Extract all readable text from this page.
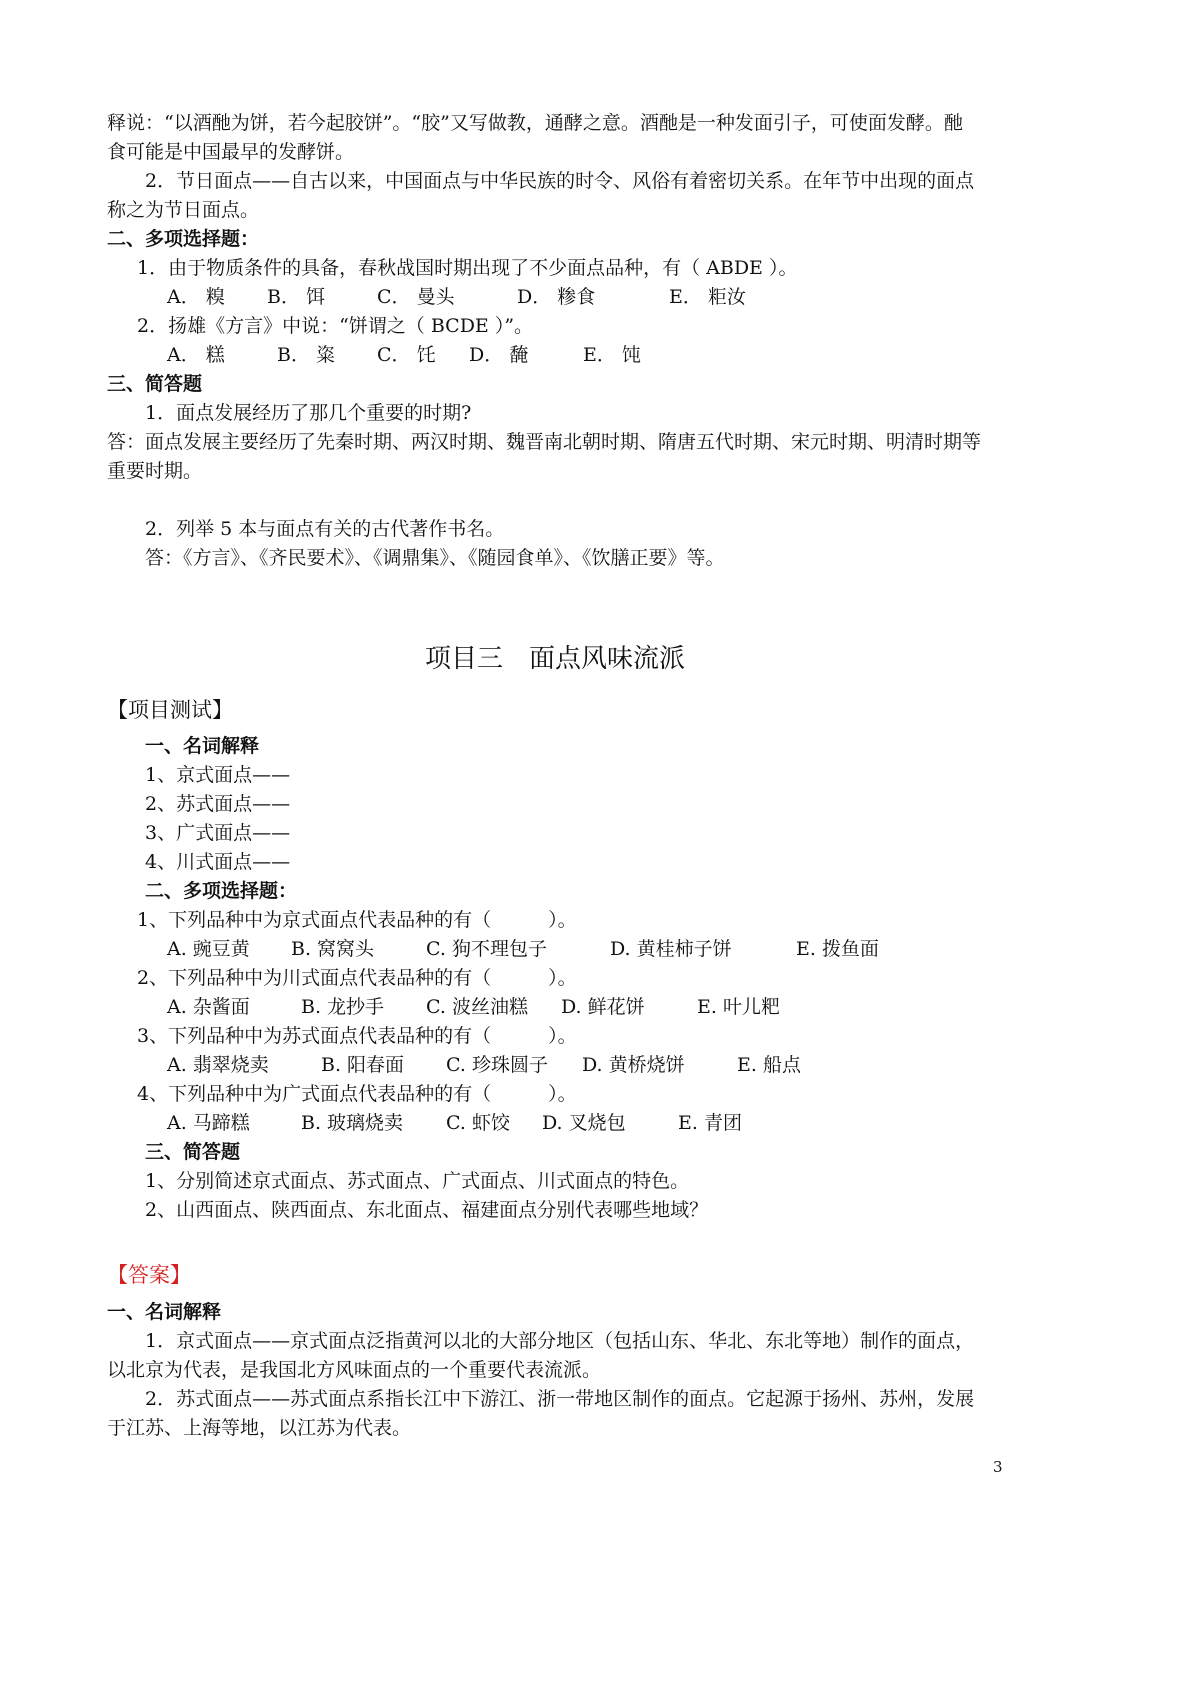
释说：“以酒酏为饼，若今起胶饼”。“胶”又写做教，通酵之意。酒酏是一种发面引子，可使面发酵。酏
食可能是中国最早的发酵饼。
2．节日面点——自古以来，中国面点与中华民族的时令、风俗有着密切关系。在年节中出现的面点
称之为节日面点。
二、多项选择题：
1．由于物质条件的具备，春秋战国时期出现了不少面点品种，有（ ABDE ）。
A． 糗 B． 饵	C． 曼头	D． 糁食	E． 粔汝
2．扬雄《方言》中说：“饼谓之（ BCDE ）”。
A． 糕	B． 粢 C． 饦 D． 馣	E． 饨
三、简答题
1．面点发展经历了那几个重要的时期?
答：面点发展主要经历了先秦时期、两汉时期、魏晋南北朝时期、隋唐五代时期、宋元时期、明清时期等
重要时期。
2．列举 5 本与面点有关的古代著作书名。
答：《方言》、《齐民要术》、《调鼎集》、《随园食单》、《饮膳正要》等。
项目三　面点风味流派
【项目测试】
一、名词解释
1、京式面点——
2、苏式面点——
3、广式面点——
4、川式面点——
二、多项选择题：
1、下列品种中为京式面点代表品种的有（　　　）。
A. 豌豆黄 B. 窝窝头	C. 狗不理包子	D. 黄桂柿子饼	E. 拨鱼面
2、下列品种中为川式面点代表品种的有（　　　）。
A. 杂酱面	B. 龙抄手 C. 波丝油糕 D. 鲜花饼	E. 叶儿粑
3、下列品种中为苏式面点代表品种的有（　　　）。
A. 翡翠烧卖	B. 阳春面 C. 珍珠圆子 D. 黄桥烧饼	E. 船点
4、下列品种中为广式面点代表品种的有（　　　）。
A. 马蹄糕	B. 玻璃烧卖 C. 虾饺 D. 叉烧包	E. 青团
三、简答题
1、分别简述京式面点、苏式面点、广式面点、川式面点的特色。
2、山西面点、陕西面点、东北面点、福建面点分别代表哪些地域？
【答案】
一、名词解释
1．京式面点——京式面点泛指黄河以北的大部分地区（包括山东、华北、东北等地）制作的面点，
以北京为代表，是我国北方风味面点的一个重要代表流派。
2．苏式面点——苏式面点系指长江中下游江、浙一带地区制作的面点。它起源于扬州、苏州，发展
于江苏、上海等地，以江苏为代表。
3
